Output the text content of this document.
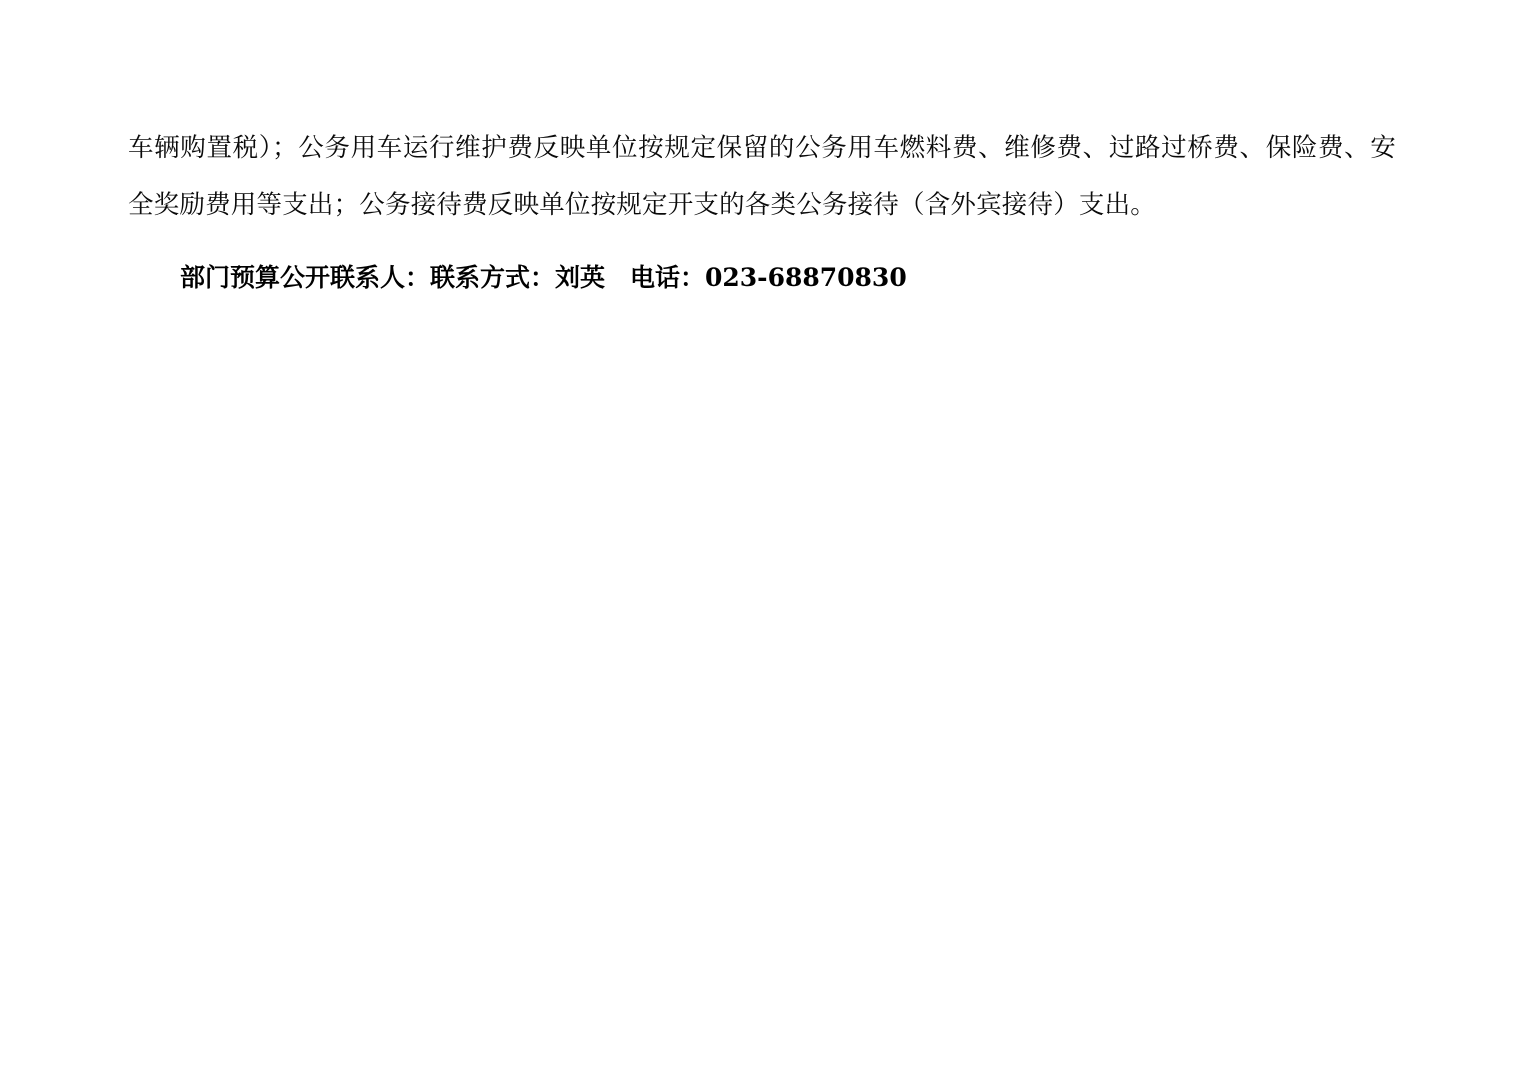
车辆购置税）；公务用车运行维护费反映单位按规定保留的公务用车燃料费、维修费、过路过桥费、保险费、安全奖励费用等支出；公务接待费反映单位按规定开支的各类公务接待（含外宾接待）支出。

部门预算公开联系人：联系方式：刘英　电话：023-68870830
